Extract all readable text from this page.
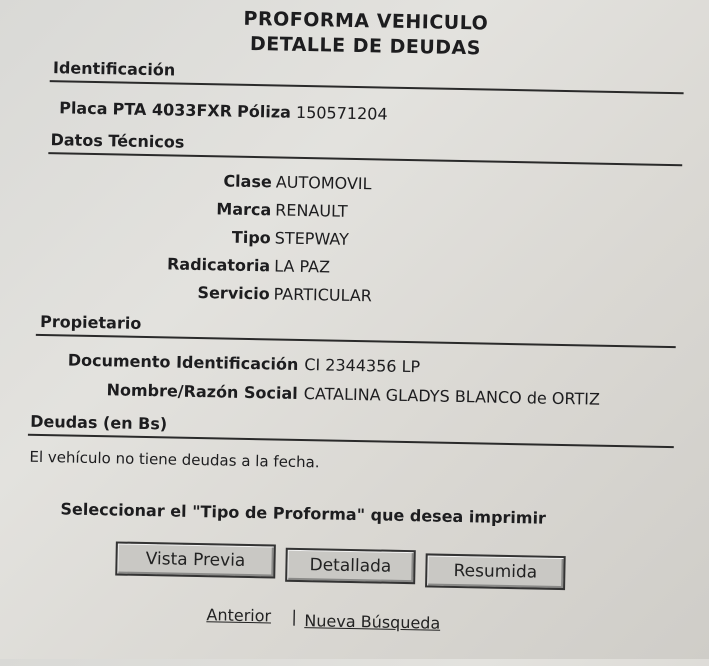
PROFORMA VEHICULO
DETALLE DE DEUDAS
Identificación
Placa PTA 4033FXR Póliza 150571204
Datos Técnicos
Clase AUTOMOVIL
Marca RENAULT
Tipo STEPWAY
Radicatoria LA PAZ
Servicio PARTICULAR
Propietario
Documento Identificación CI 2344356 LP
Nombre/Razón Social CATALINA GLADYS BLANCO de ORTIZ
Deudas (en Bs)
El vehículo no tiene deudas a la fecha.
Seleccionar el "Tipo de Proforma" que desea imprimir
Vista Previa	Detallada	Resumida
Anterior | Nueva Búsqueda
